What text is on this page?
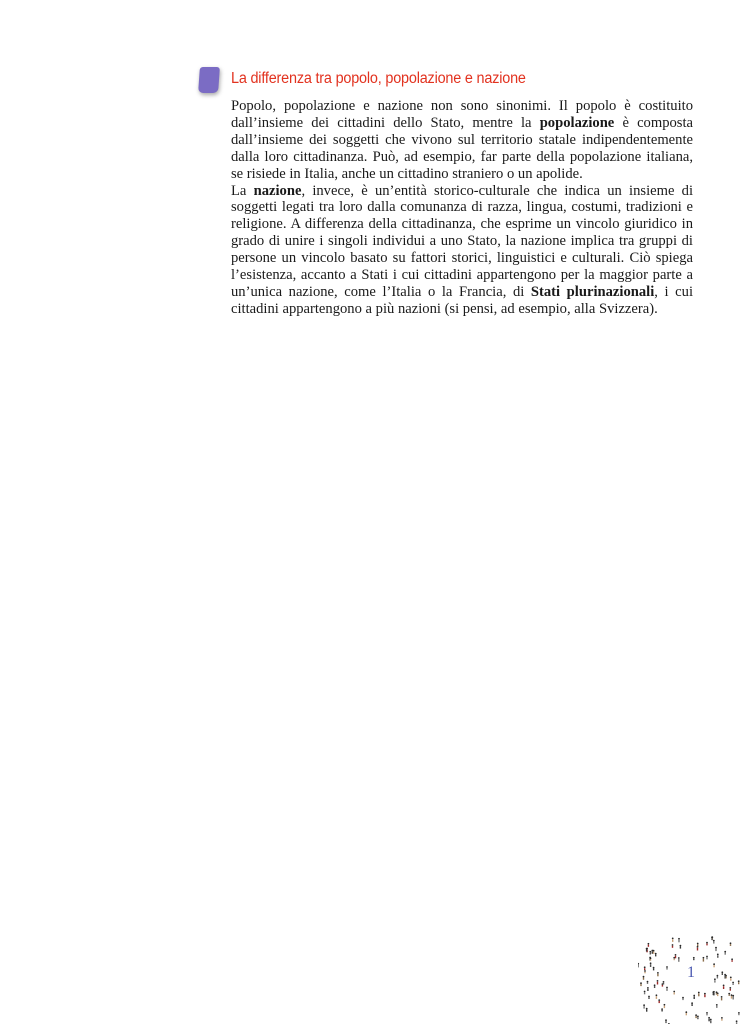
La differenza tra popolo, popolazione e nazione

Popolo, popolazione e nazione non sono sinonimi. Il popolo è costituito dall’insieme dei cittadini dello Stato, mentre la popolazione è composta dall’insieme dei soggetti che vivono sul territorio statale indipendentemente dalla loro cittadinanza. Può, ad esempio, far parte della popolazione italiana, se risiede in Italia, anche un cittadino straniero o un apolide.

La nazione, invece, è un’entità storico-culturale che indica un insieme di soggetti legati tra loro dalla comunanza di razza, lingua, costumi, tradizioni e religione. A differenza della cittadinanza, che esprime un vincolo giuridico in grado di unire i singoli individui a uno Stato, la nazione implica tra gruppi di persone un vincolo basato su fattori storici, linguistici e culturali. Ciò spiega l’esistenza, accanto a Stati i cui cittadini appartengono per la maggior parte a un’unica nazione, come l’Italia o la Francia, di Stati plurinazionali, i cui cittadini appartengono a più nazioni (si pensi, ad esempio, alla Svizzera).

1
